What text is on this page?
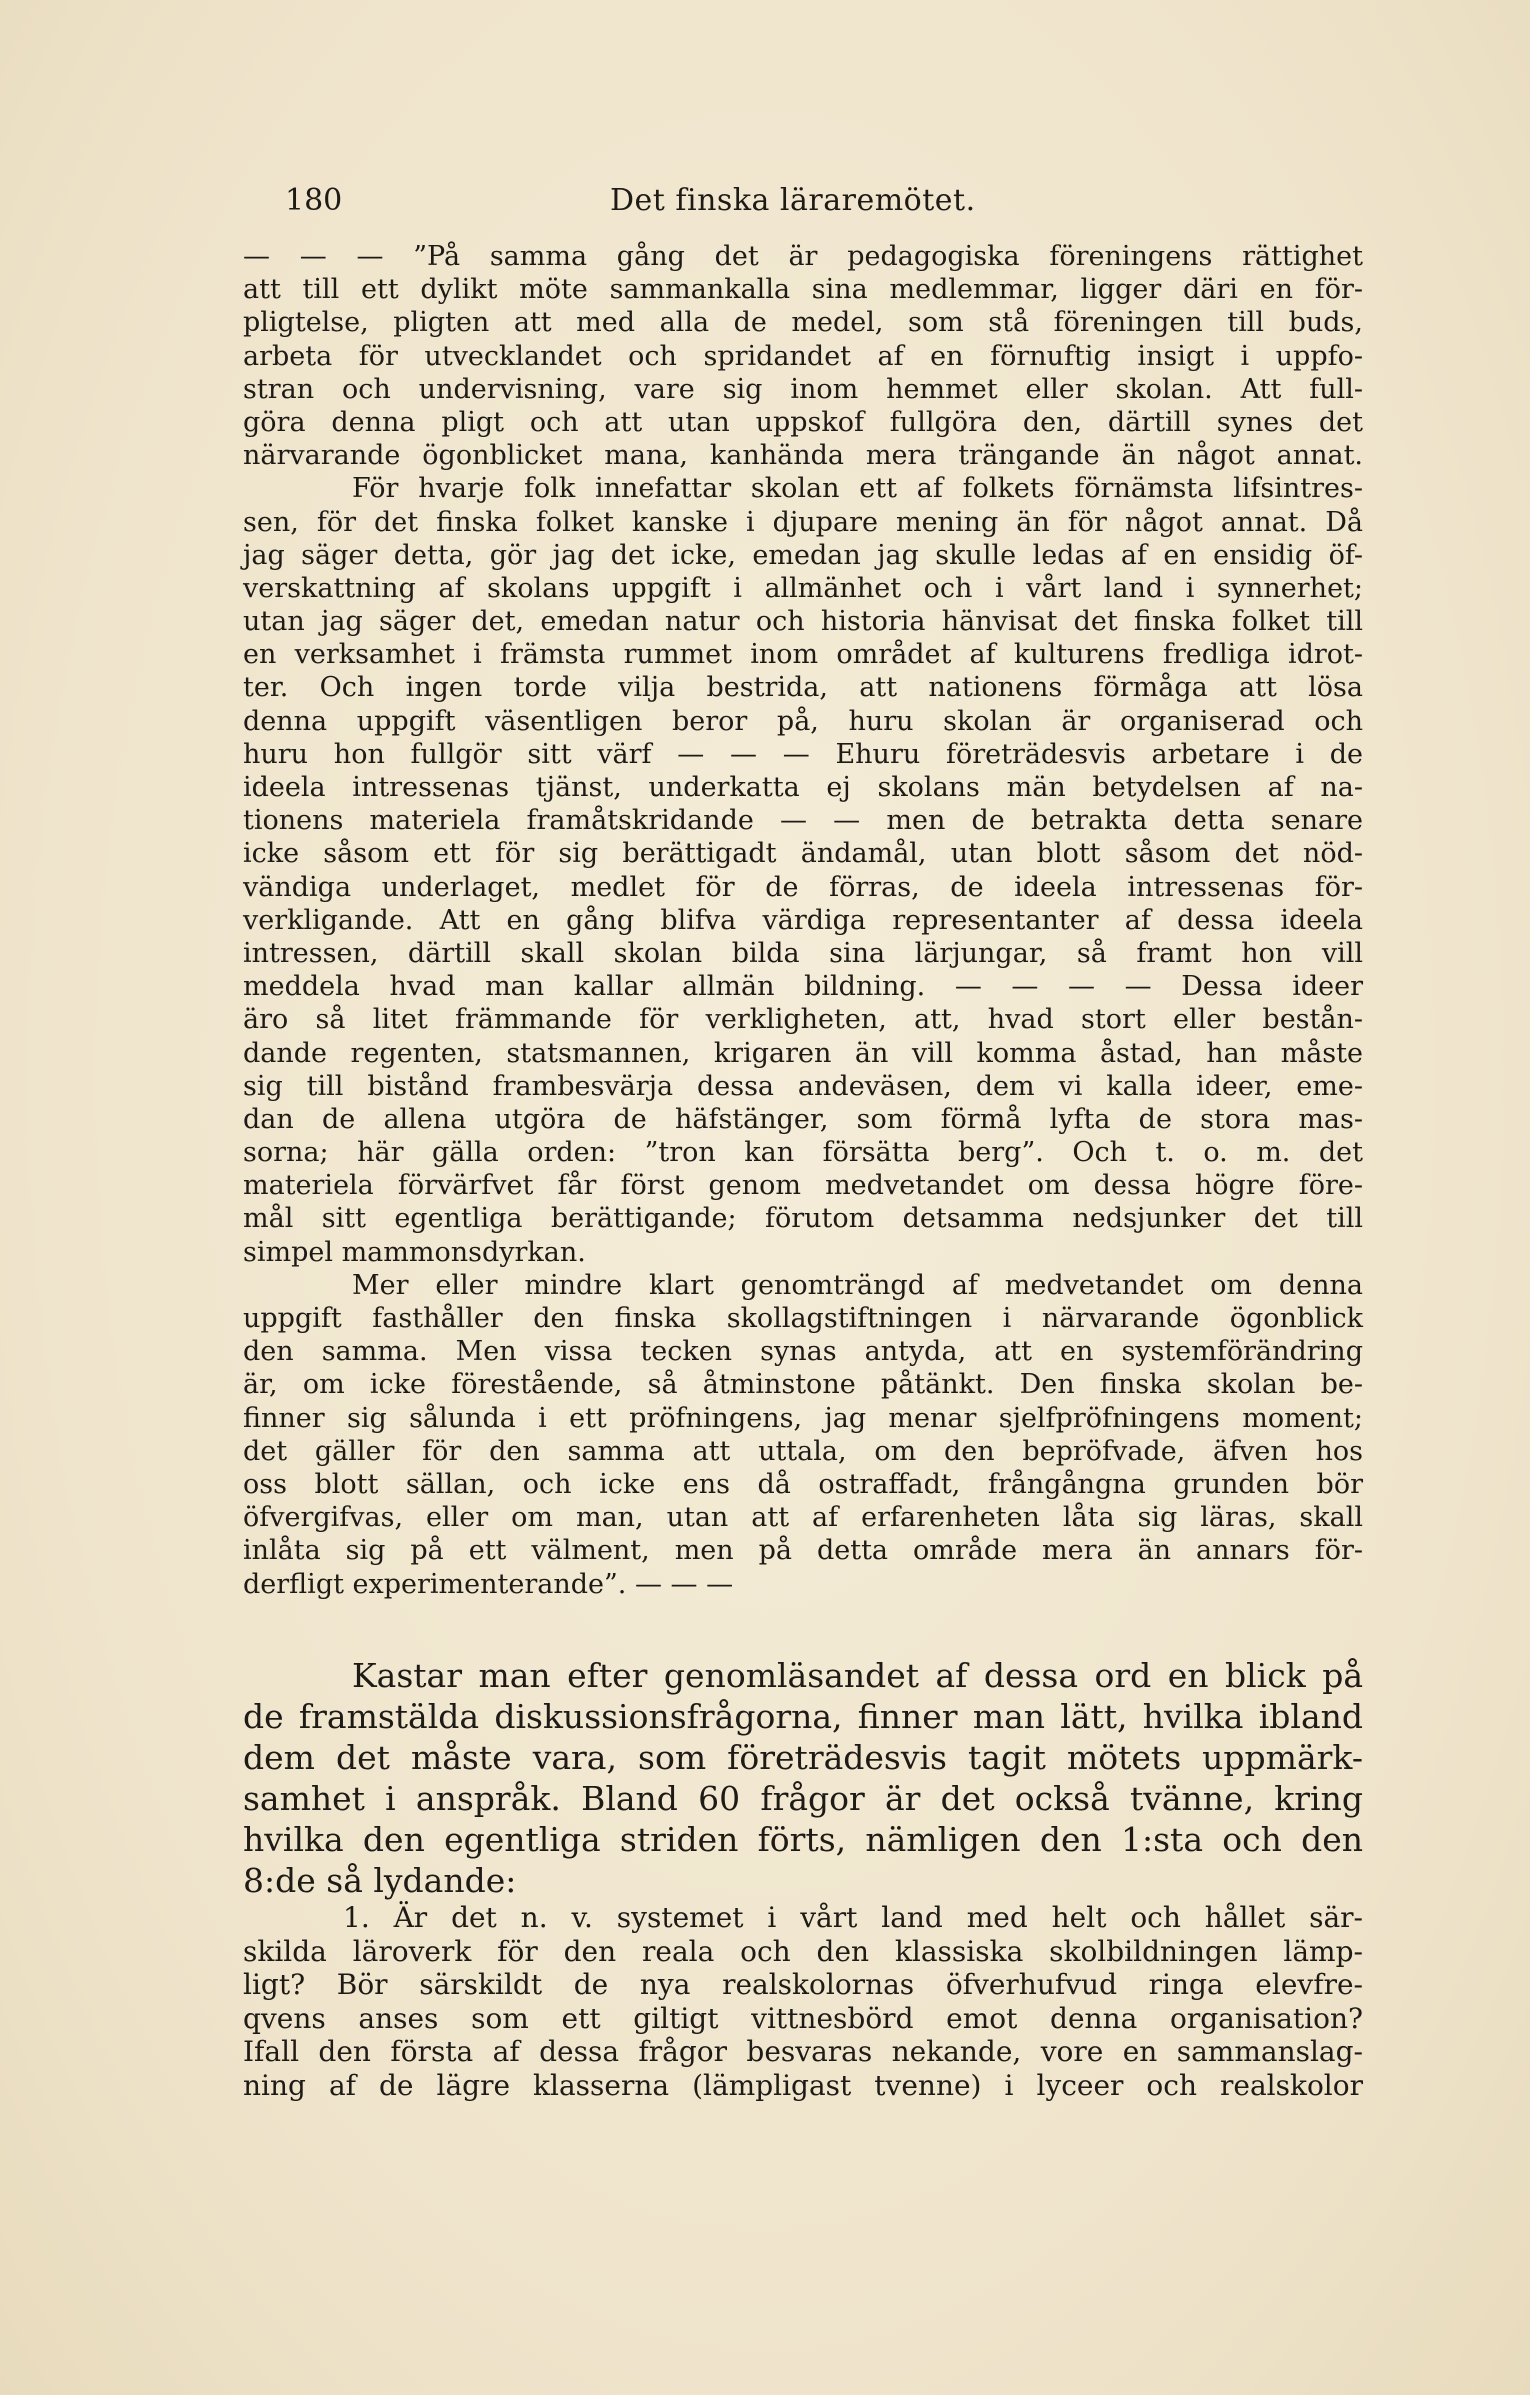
180	Det finska läraremötet.
— — — ”På samma gång det är pedagogiska föreningens rättighet
att till ett dylikt möte sammankalla sina medlemmar, ligger däri en för-
pligtelse, pligten att med alla de medel, som stå föreningen till buds,
arbeta för utvecklandet och spridandet af en förnuftig insigt i uppfo-
stran och undervisning, vare sig inom hemmet eller skolan. Att full-
göra denna pligt och att utan uppskof fullgöra den, därtill synes det
närvarande ögonblicket mana, kanhända mera trängande än något annat.
För hvarje folk innefattar skolan ett af folkets förnämsta lifsintres-
sen, för det finska folket kanske i djupare mening än för något annat. Då
jag säger detta, gör jag det icke, emedan jag skulle ledas af en ensidig öf-
verskattning af skolans uppgift i allmänhet och i vårt land i synnerhet;
utan jag säger det, emedan natur och historia hänvisat det finska folket till
en verksamhet i främsta rummet inom området af kulturens fredliga idrot-
ter. Och ingen torde vilja bestrida, att nationens förmåga att lösa
denna uppgift väsentligen beror på, huru skolan är organiserad och
huru hon fullgör sitt värf — — — Ehuru företrädesvis arbetare i de
ideela intressenas tjänst, underkatta ej skolans män betydelsen af na-
tionens materiela framåtskridande — — men de betrakta detta senare
icke såsom ett för sig berättigadt ändamål, utan blott såsom det nöd-
vändiga underlaget, medlet för de förras, de ideela intressenas för-
verkligande. Att en gång blifva värdiga representanter af dessa ideela
intressen, därtill skall skolan bilda sina lärjungar, så framt hon vill
meddela hvad man kallar allmän bildning. — — — — Dessa ideer
äro så litet främmande för verkligheten, att, hvad stort eller bestån-
dande regenten, statsmannen, krigaren än vill komma åstad, han måste
sig till bistånd frambesvärja dessa andeväsen, dem vi kalla ideer, eme-
dan de allena utgöra de häfstänger, som förmå lyfta de stora mas-
sorna; här gälla orden: ”tron kan försätta berg”. Och t. o. m. det
materiela förvärfvet får först genom medvetandet om dessa högre före-
mål sitt egentliga berättigande; förutom detsamma nedsjunker det till
simpel mammonsdyrkan.
Mer eller mindre klart genomträngd af medvetandet om denna
uppgift fasthåller den finska skollagstiftningen i närvarande ögonblick
den samma. Men vissa tecken synas antyda, att en systemförändring
är, om icke förestående, så åtminstone påtänkt. Den finska skolan be-
finner sig sålunda i ett pröfningens, jag menar sjelfpröfningens moment;
det gäller för den samma att uttala, om den bepröfvade, äfven hos
oss blott sällan, och icke ens då ostraffadt, frångångna grunden bör
öfvergifvas, eller om man, utan att af erfarenheten låta sig läras, skall
inlåta sig på ett välment, men på detta område mera än annars för-
derfligt experimenterande”. — — —
Kastar man efter genomläsandet af dessa ord en blick på
de framstälda diskussionsfrågorna, finner man lätt, hvilka ibland
dem det måste vara, som företrädesvis tagit mötets uppmärk-
samhet i anspråk. Bland 60 frågor är det också tvänne, kring
hvilka den egentliga striden förts, nämligen den 1:sta och den
8:de så lydande:
1. Är det n. v. systemet i vårt land med helt och hållet sär-
skilda läroverk för den reala och den klassiska skolbildningen lämp-
ligt? Bör särskildt de nya realskolornas öfverhufvud ringa elevfre-
qvens anses som ett giltigt vittnesbörd emot denna organisation?
Ifall den första af dessa frågor besvaras nekande, vore en sammanslag-
ning af de lägre klasserna (lämpligast tvenne) i lyceer och realskolor
